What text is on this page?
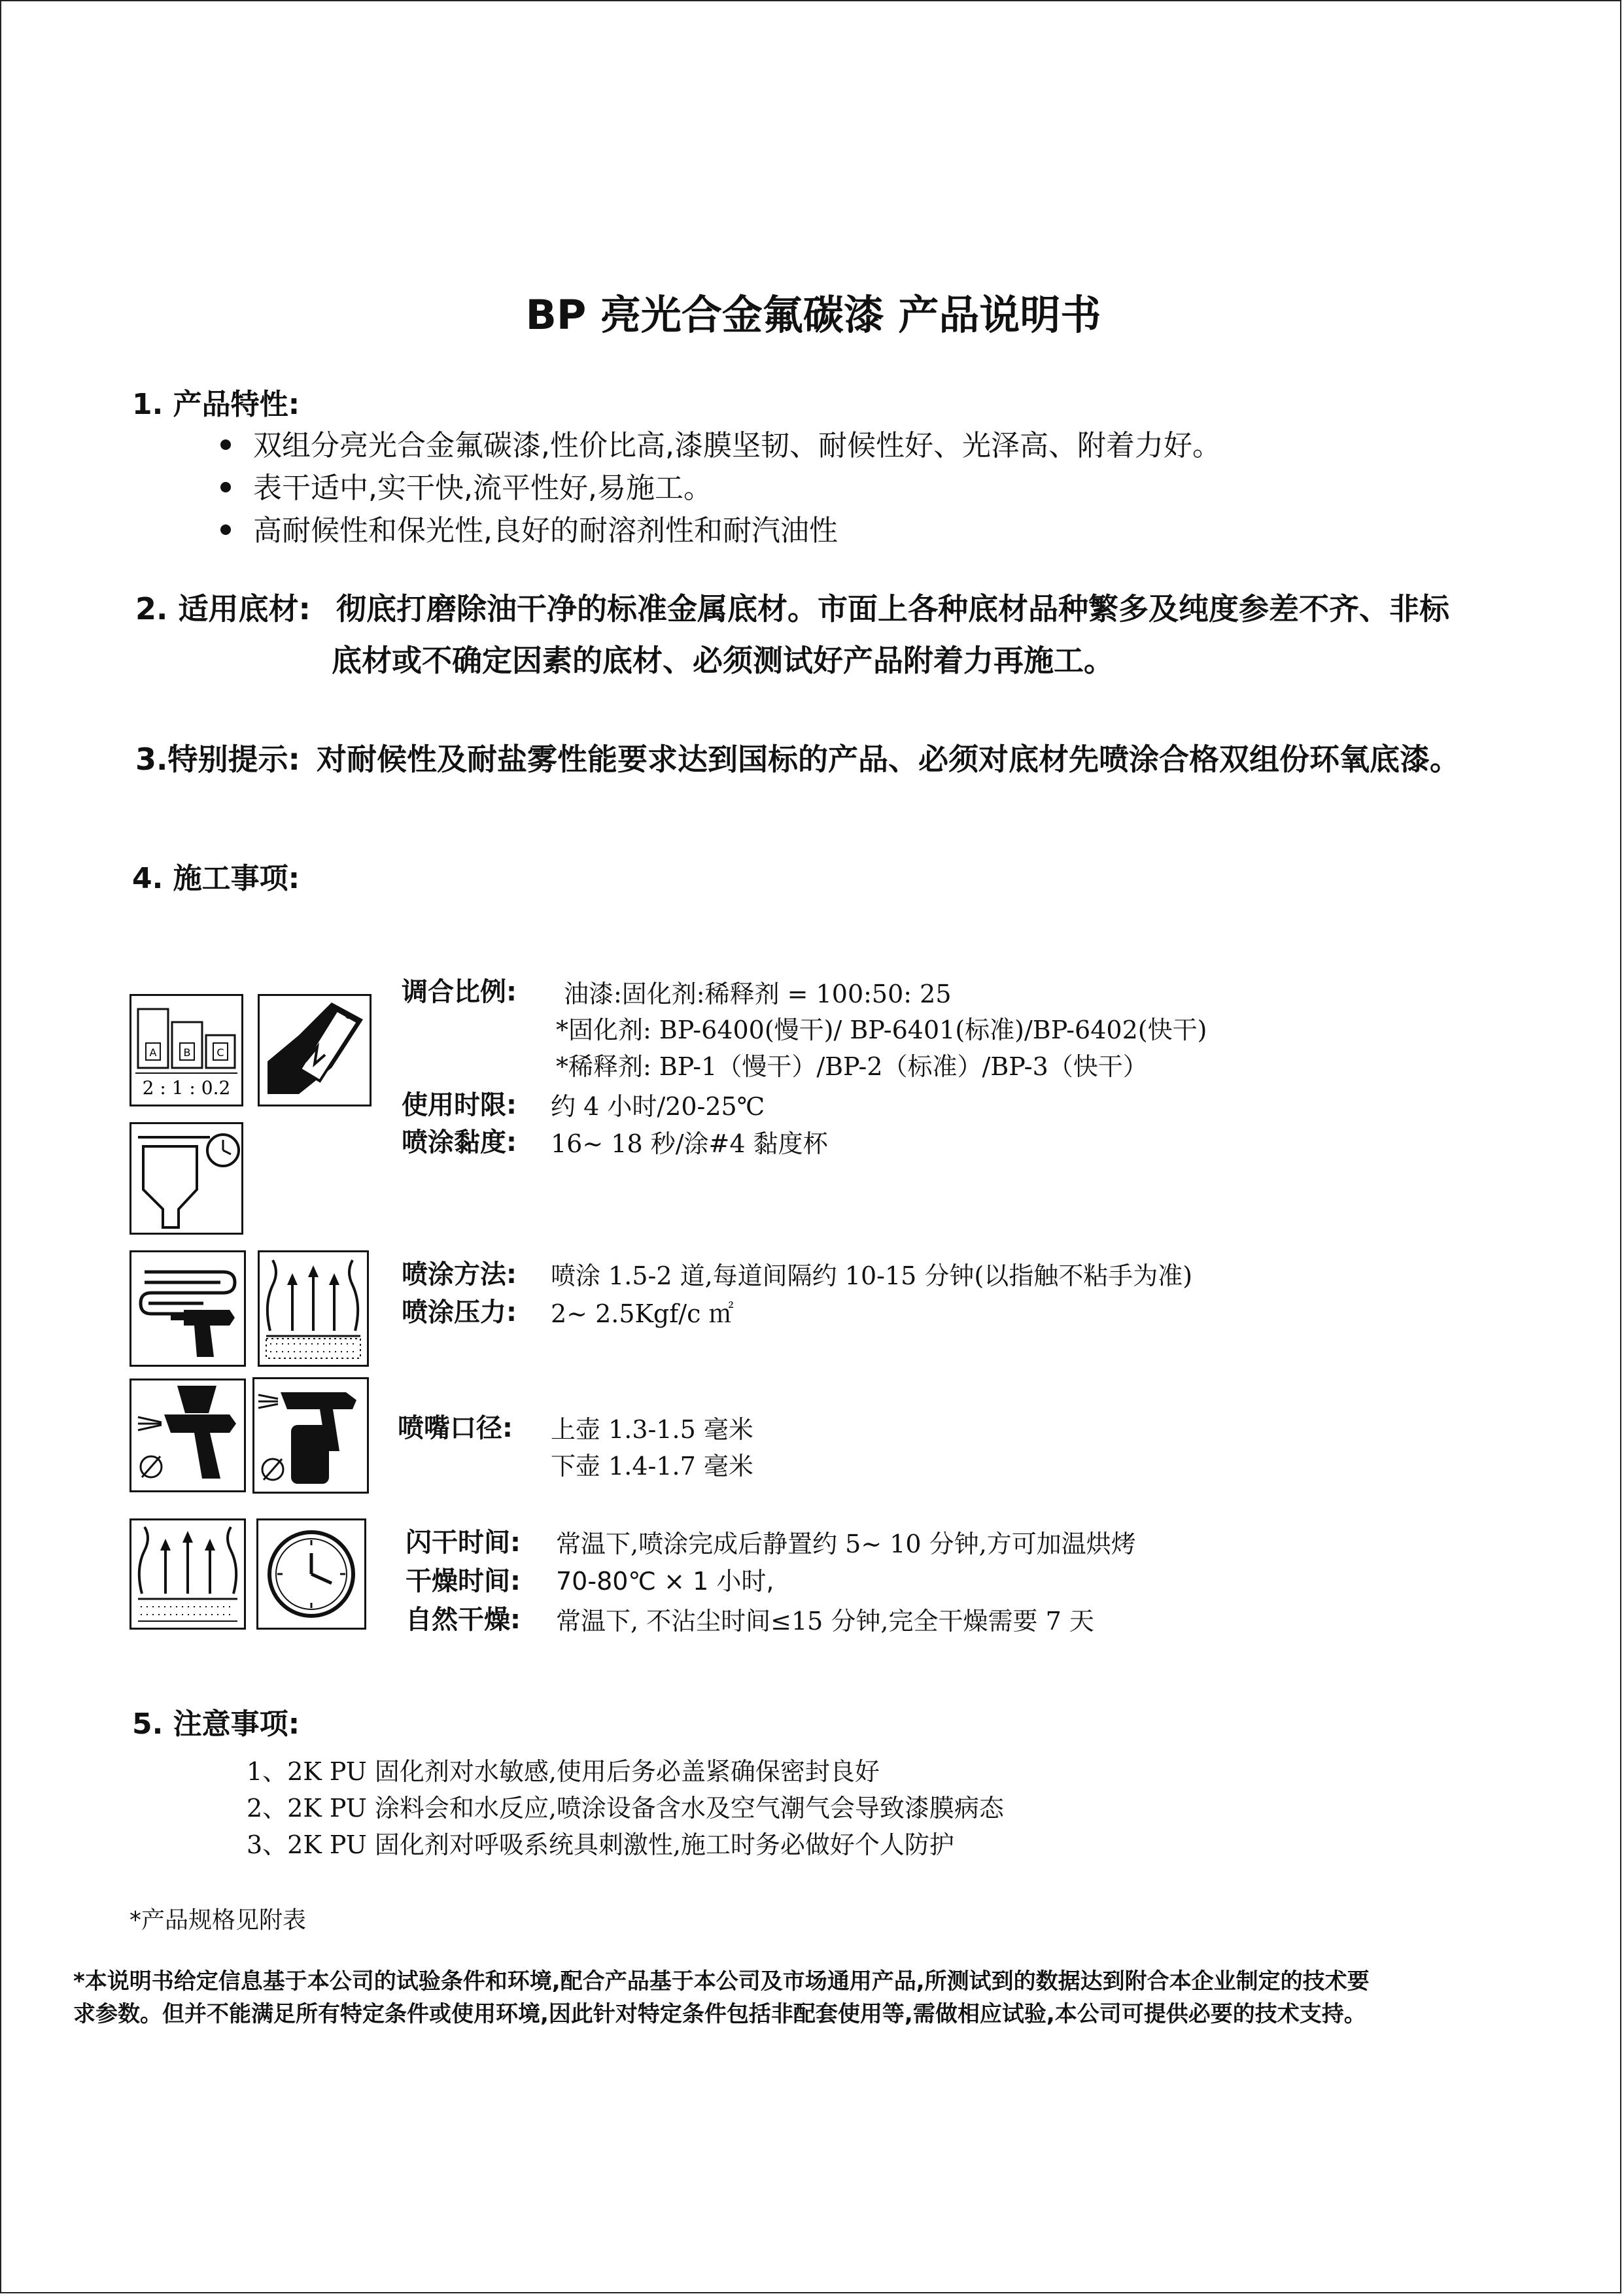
BP 亮光合金氟碳漆 产品说明书
1. 产品特性:
双组分亮光合金氟碳漆,性价比高,漆膜坚韧、耐候性好、光泽高、附着力好。
表干适中,实干快,流平性好,易施工。
高耐候性和保光性,良好的耐溶剂性和耐汽油性
2. 适用底材: 彻底打磨除油干净的标准金属底材。市面上各种底材品种繁多及纯度参差不齐、非标
底材或不确定因素的底材、必须测试好产品附着力再施工。
3.特别提示: 对耐候性及耐盐雾性能要求达到国标的产品、必须对底材先喷涂合格双组份环氧底漆。
4. 施工事项:
A	B C
2 : 1 : 0.2
调合比例: 油漆:固化剂:稀释剂 = 100:50: 25
*固化剂: BP-6400(慢干)/ BP-6401(标准)/BP-6402(快干)
*稀释剂: BP-1（慢干）/BP-2（标准）/BP-3（快干）
使用时限: 约 4 小时/20-25℃
喷涂黏度: 16~ 18 秒/涂#4 黏度杯
喷涂方法: 喷涂 1.5-2 道,每道间隔约 10-15 分钟(以指触不粘手为准)
喷涂压力: 2~ 2.5Kgf/c ㎡
喷嘴口径: 上壶 1.3-1.5 毫米
下壶 1.4-1.7 毫米
闪干时间: 常温下,喷涂完成后静置约 5~ 10 分钟,方可加温烘烤
干燥时间: 70-80℃ × 1 小时,
自然干燥: 常温下, 不沾尘时间≤15 分钟,完全干燥需要 7 天
5. 注意事项:
1、2K PU 固化剂对水敏感,使用后务必盖紧确保密封良好
2、2K PU 涂料会和水反应,喷涂设备含水及空气潮气会导致漆膜病态
3、2K PU 固化剂对呼吸系统具刺激性,施工时务必做好个人防护
*产品规格见附表
*本说明书给定信息基于本公司的试验条件和环境,配合产品基于本公司及市场通用产品,所测试到的数据达到附合本企业制定的技术要
求参数。但并不能满足所有特定条件或使用环境,因此针对特定条件包括非配套使用等,需做相应试验,本公司可提供必要的技术支持。
